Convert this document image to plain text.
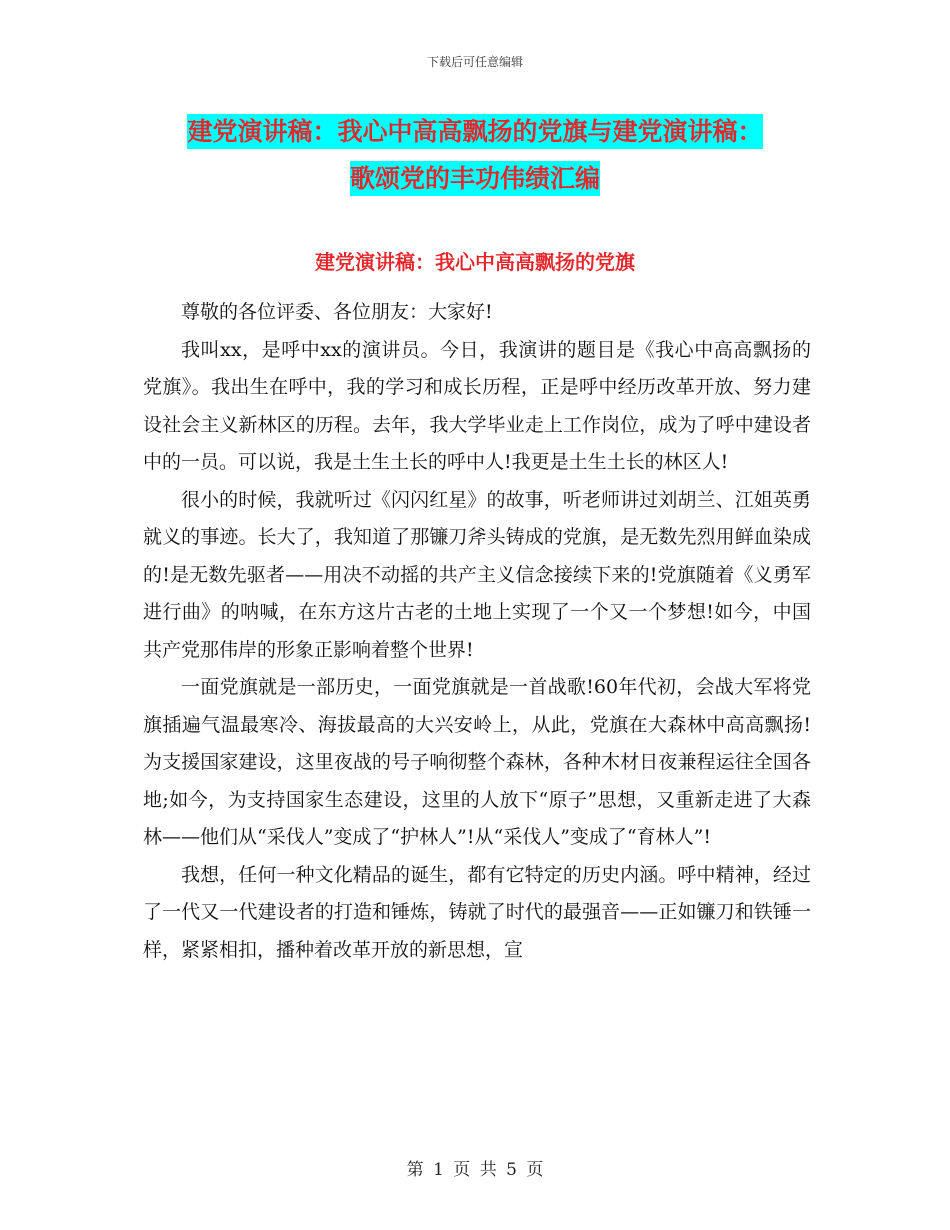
下载后可任意编辑
建党演讲稿：我心中高高飘扬的党旗与建党演讲稿：
歌颂党的丰功伟绩汇编
建党演讲稿：我心中高高飘扬的党旗

尊敬的各位评委、各位朋友：大家好!

我叫xx，是呼中xx的演讲员。今日，我演讲的题目是《我心中高高飘扬的党旗》。我出生在呼中，我的学习和成长历程，正是呼中经历改革开放、努力建设社会主义新林区的历程。去年，我大学毕业走上工作岗位，成为了呼中建设者中的一员。可以说，我是土生土长的呼中人!我更是土生土长的林区人!

很小的时候，我就听过《闪闪红星》的故事，听老师讲过刘胡兰、江姐英勇就义的事迹。长大了，我知道了那镰刀斧头铸成的党旗，是无数先烈用鲜血染成的!是无数先驱者——用决不动摇的共产主义信念接续下来的!党旗随着《义勇军进行曲》的呐喊，在东方这片古老的土地上实现了一个又一个梦想!如今，中国共产党那伟岸的形象正影响着整个世界!

一面党旗就是一部历史，一面党旗就是一首战歌!60年代初，会战大军将党旗插遍气温最寒冷、海拔最高的大兴安岭上，从此，党旗在大森林中高高飘扬!为支援国家建设，这里夜战的号子响彻整个森林，各种木材日夜兼程运往全国各地;如今，为支持国家生态建设，这里的人放下“原子”思想，又重新走进了大森林——他们从“采伐人”变成了“护林人”!从“采伐人”变成了“育林人”!

我想，任何一种文化精品的诞生，都有它特定的历史内涵。呼中精神，经过了一代又一代建设者的打造和锤炼，铸就了时代的最强音——正如镰刀和铁锤一样，紧紧相扣，播种着改革开放的新思想，宣

第 1 页 共 5 页
